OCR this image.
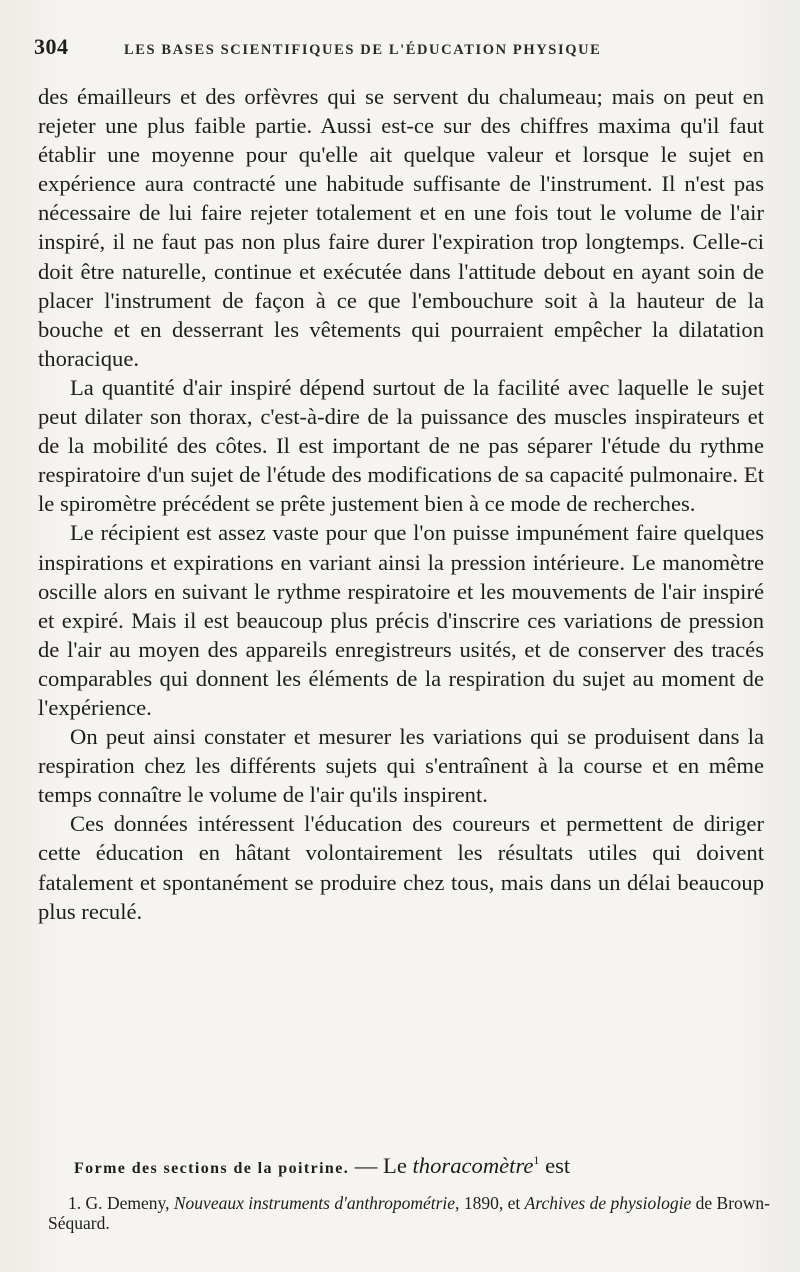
304	LES BASES SCIENTIFIQUES DE L'ÉDUCATION PHYSIQUE

des émailleurs et des orfèvres qui se servent du chalumeau; mais on peut en rejeter une plus faible partie. Aussi est-ce sur des chiffres maxima qu'il faut établir une moyenne pour qu'elle ait quelque valeur et lorsque le sujet en expérience aura contracté une habitude suffisante de l'instrument. Il n'est pas nécessaire de lui faire rejeter totalement et en une fois tout le volume de l'air inspiré, il ne faut pas non plus faire durer l'expiration trop longtemps. Celle-ci doit être naturelle, continue et exécutée dans l'attitude debout en ayant soin de placer l'instrument de façon à ce que l'embouchure soit à la hauteur de la bouche et en desserrant les vêtements qui pourraient empêcher la dilatation thoracique.

La quantité d'air inspiré dépend surtout de la facilité avec laquelle le sujet peut dilater son thorax, c'est-à-dire de la puissance des muscles inspirateurs et de la mobilité des côtes. Il est important de ne pas séparer l'étude du rythme respiratoire d'un sujet de l'étude des modifications de sa capacité pulmonaire. Et le spiromètre précédent se prête justement bien à ce mode de recherches.

Le récipient est assez vaste pour que l'on puisse impunément faire quelques inspirations et expirations en variant ainsi la pression intérieure. Le manomètre oscille alors en suivant le rythme respiratoire et les mouvements de l'air inspiré et expiré. Mais il est beaucoup plus précis d'inscrire ces variations de pression de l'air au moyen des appareils enregistreurs usités, et de conserver des tracés comparables qui donnent les éléments de la respiration du sujet au moment de l'expérience.

On peut ainsi constater et mesurer les variations qui se produisent dans la respiration chez les différents sujets qui s'entraînent à la course et en même temps connaître le volume de l'air qu'ils inspirent.

Ces données intéressent l'éducation des coureurs et permettent de diriger cette éducation en hâtant volontairement les résultats utiles qui doivent fatalement et spontanément se produire chez tous, mais dans un délai beaucoup plus reculé.

Forme des sections de la poitrine. — Le thoracomètre$^1$ est
1. G. Demeny, Nouveaux instruments d'anthropométrie, 1890, et Archives de physiologie de Brown-Séquard.
